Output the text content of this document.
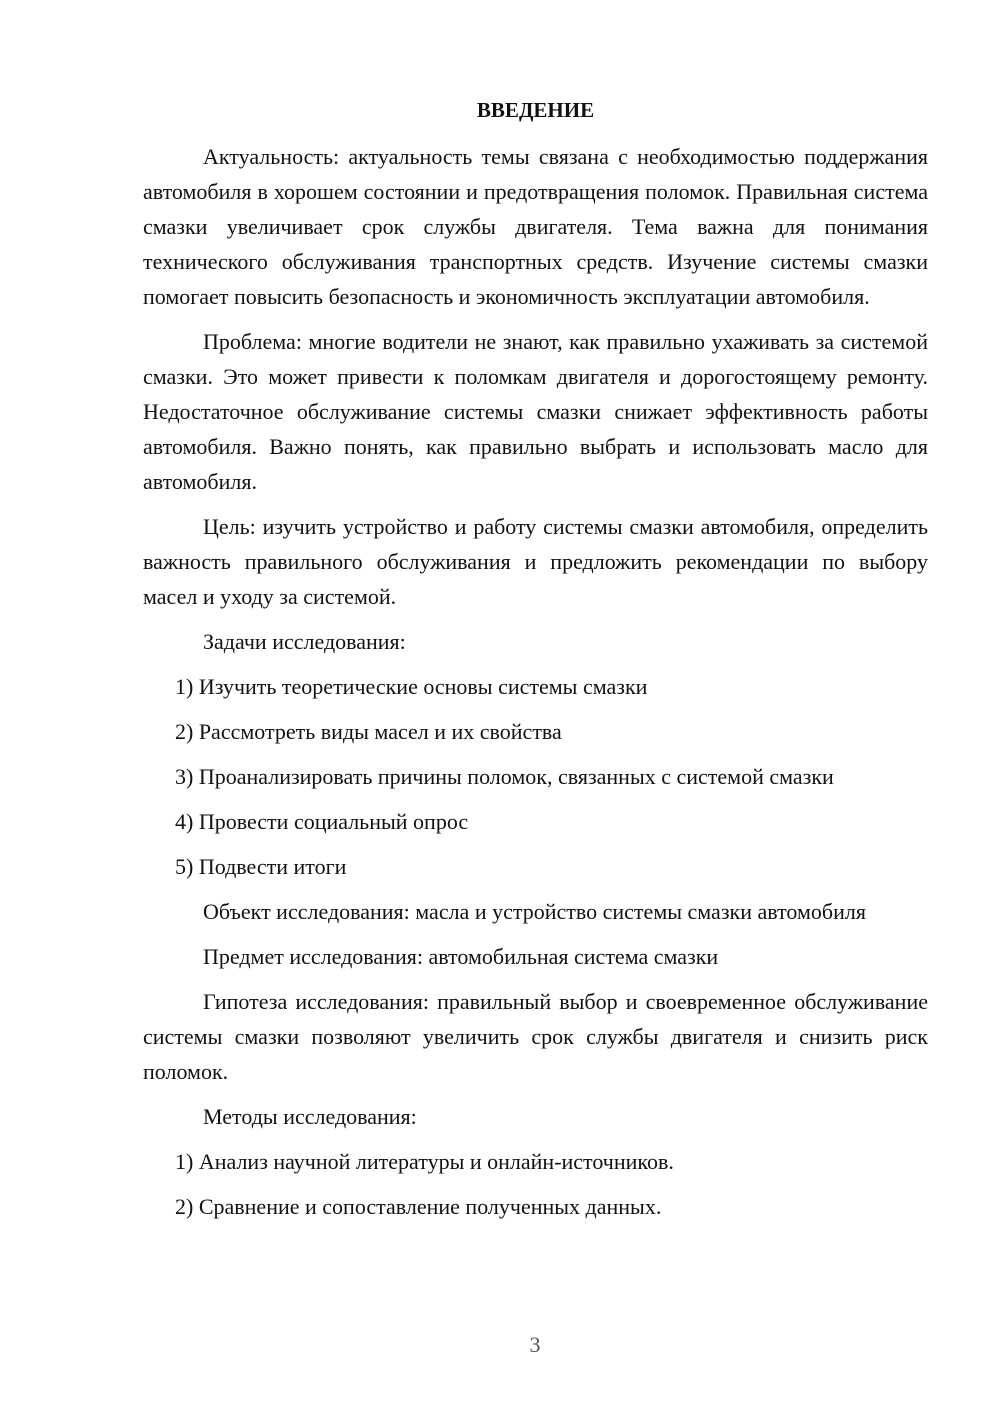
ВВЕДЕНИЕ

Актуальность: актуальность темы связана с необходимостью поддержания автомобиля в хорошем состоянии и предотвращения поломок. Правильная система смазки увеличивает срок службы двигателя. Тема важна для понимания технического обслуживания транспортных средств. Изучение системы смазки помогает повысить безопасность и экономичность эксплуатации автомобиля.

Проблема: многие водители не знают, как правильно ухаживать за системой смазки. Это может привести к поломкам двигателя и дорогостоящему ремонту. Недостаточное обслуживание системы смазки снижает эффективность работы автомобиля. Важно понять, как правильно выбрать и использовать масло для автомобиля.

Цель: изучить устройство и работу системы смазки автомобиля, определить важность правильного обслуживания и предложить рекомендации по выбору масел и уходу за системой.

Задачи исследования:

1) Изучить теоретические основы системы смазки

2) Рассмотреть виды масел и их свойства

3) Проанализировать причины поломок, связанных с системой смазки

4) Провести социальный опрос

5) Подвести итоги

Объект исследования: масла и устройство системы смазки автомобиля

Предмет исследования: автомобильная система смазки

Гипотеза исследования: правильный выбор и своевременное обслуживание системы смазки позволяют увеличить срок службы двигателя и снизить риск поломок.

Методы исследования:

1) Анализ научной литературы и онлайн-источников.

2) Сравнение и сопоставление полученных данных.

3
